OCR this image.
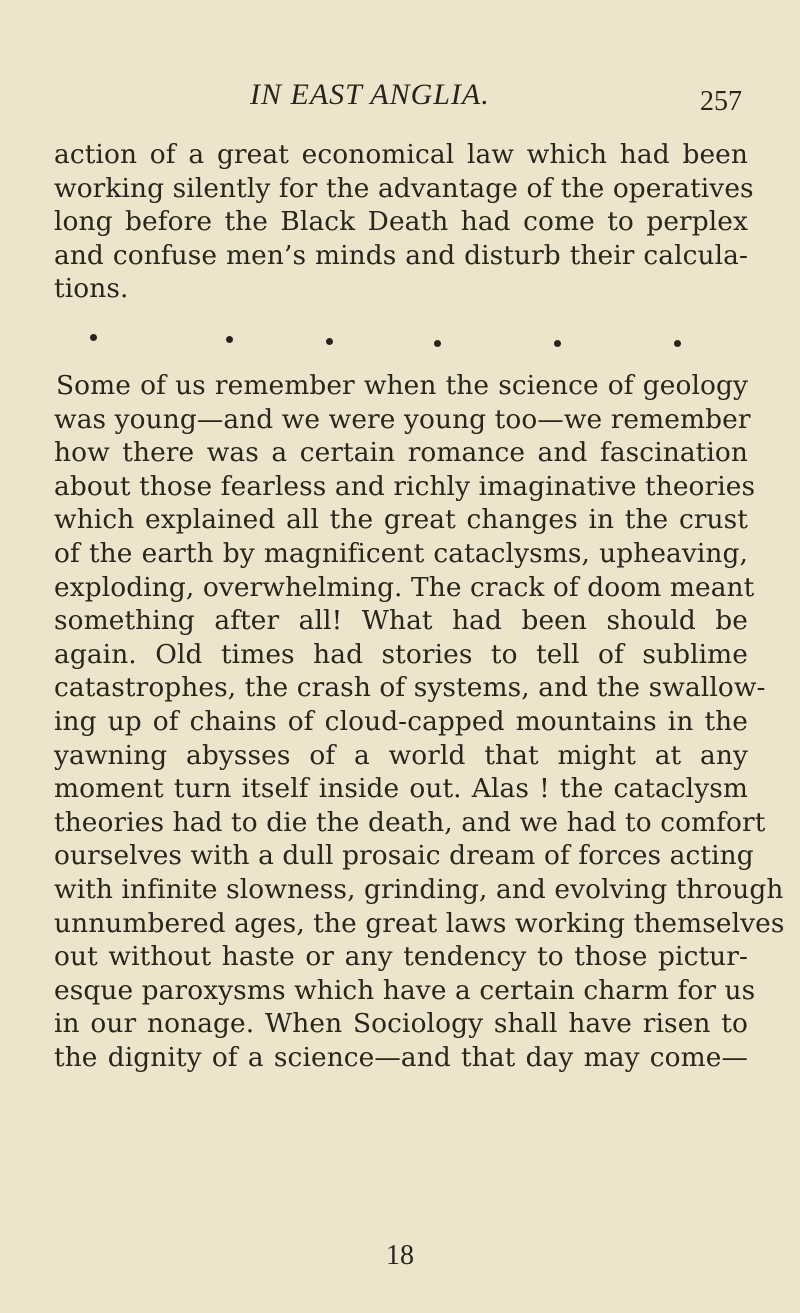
IN EAST ANGLIA.	257
action of a great economical law which had been
working silently for the advantage of the operatives
long before the Black Death had come to perplex
and confuse men’s minds and disturb their calcula-
tions.
Some of us remember when the science of geology
was young—and we were young too—we remember
how there was a certain romance and fascination
about those fearless and richly imaginative theories
which explained all the great changes in the crust
of the earth by magnificent cataclysms, upheaving,
exploding, overwhelming. The crack of doom meant
something after all! What had been should be
again. Old times had stories to tell of sublime
catastrophes, the crash of systems, and the swallow-
ing up of chains of cloud-capped mountains in the
yawning abysses of a world that might at any
moment turn itself inside out. Alas ! the cataclysm
theories had to die the death, and we had to comfort
ourselves with a dull prosaic dream of forces acting
with infinite slowness, grinding, and evolving through
unnumbered ages, the great laws working themselves
out without haste or any tendency to those pictur-
esque paroxysms which have a certain charm for us
in our nonage. When Sociology shall have risen to
the dignity of a science—and that day may come—
18
